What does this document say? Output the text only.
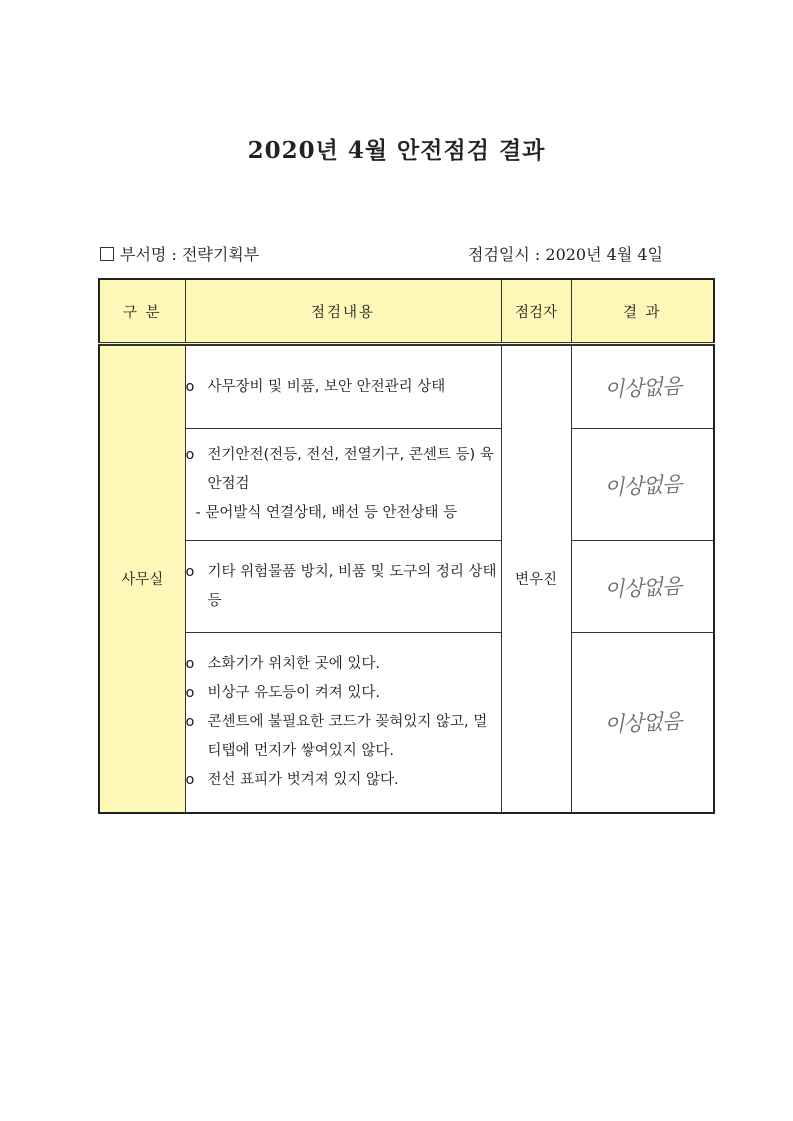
2020년 4월 안전점검 결과
부서명 : 전략기획부	점검일시 : 2020년 4월 4일
구 분	점검내용	점검자	결 과

사무실	ο 사무장비 및 비품, 보안 안전관리 상태	변우진	이상없음

	ο 전기안전(전등, 전선, 전열기구, 콘센트 등) 육안점검
- 문어발식 연결상태, 배선 등 안전상태 등		이상없음

	ο 기타 위험물품 방치, 비품 및 도구의 정리 상태 등		이상없음

	ο 소화기가 위치한 곳에 있다.
ο 비상구 유도등이 켜져 있다.
ο 콘센트에 불필요한 코드가 꽂혀있지 않고, 멀티탭에 먼지가 쌓여있지 않다.
ο 전선 표피가 벗겨져 있지 않다.		이상없음
